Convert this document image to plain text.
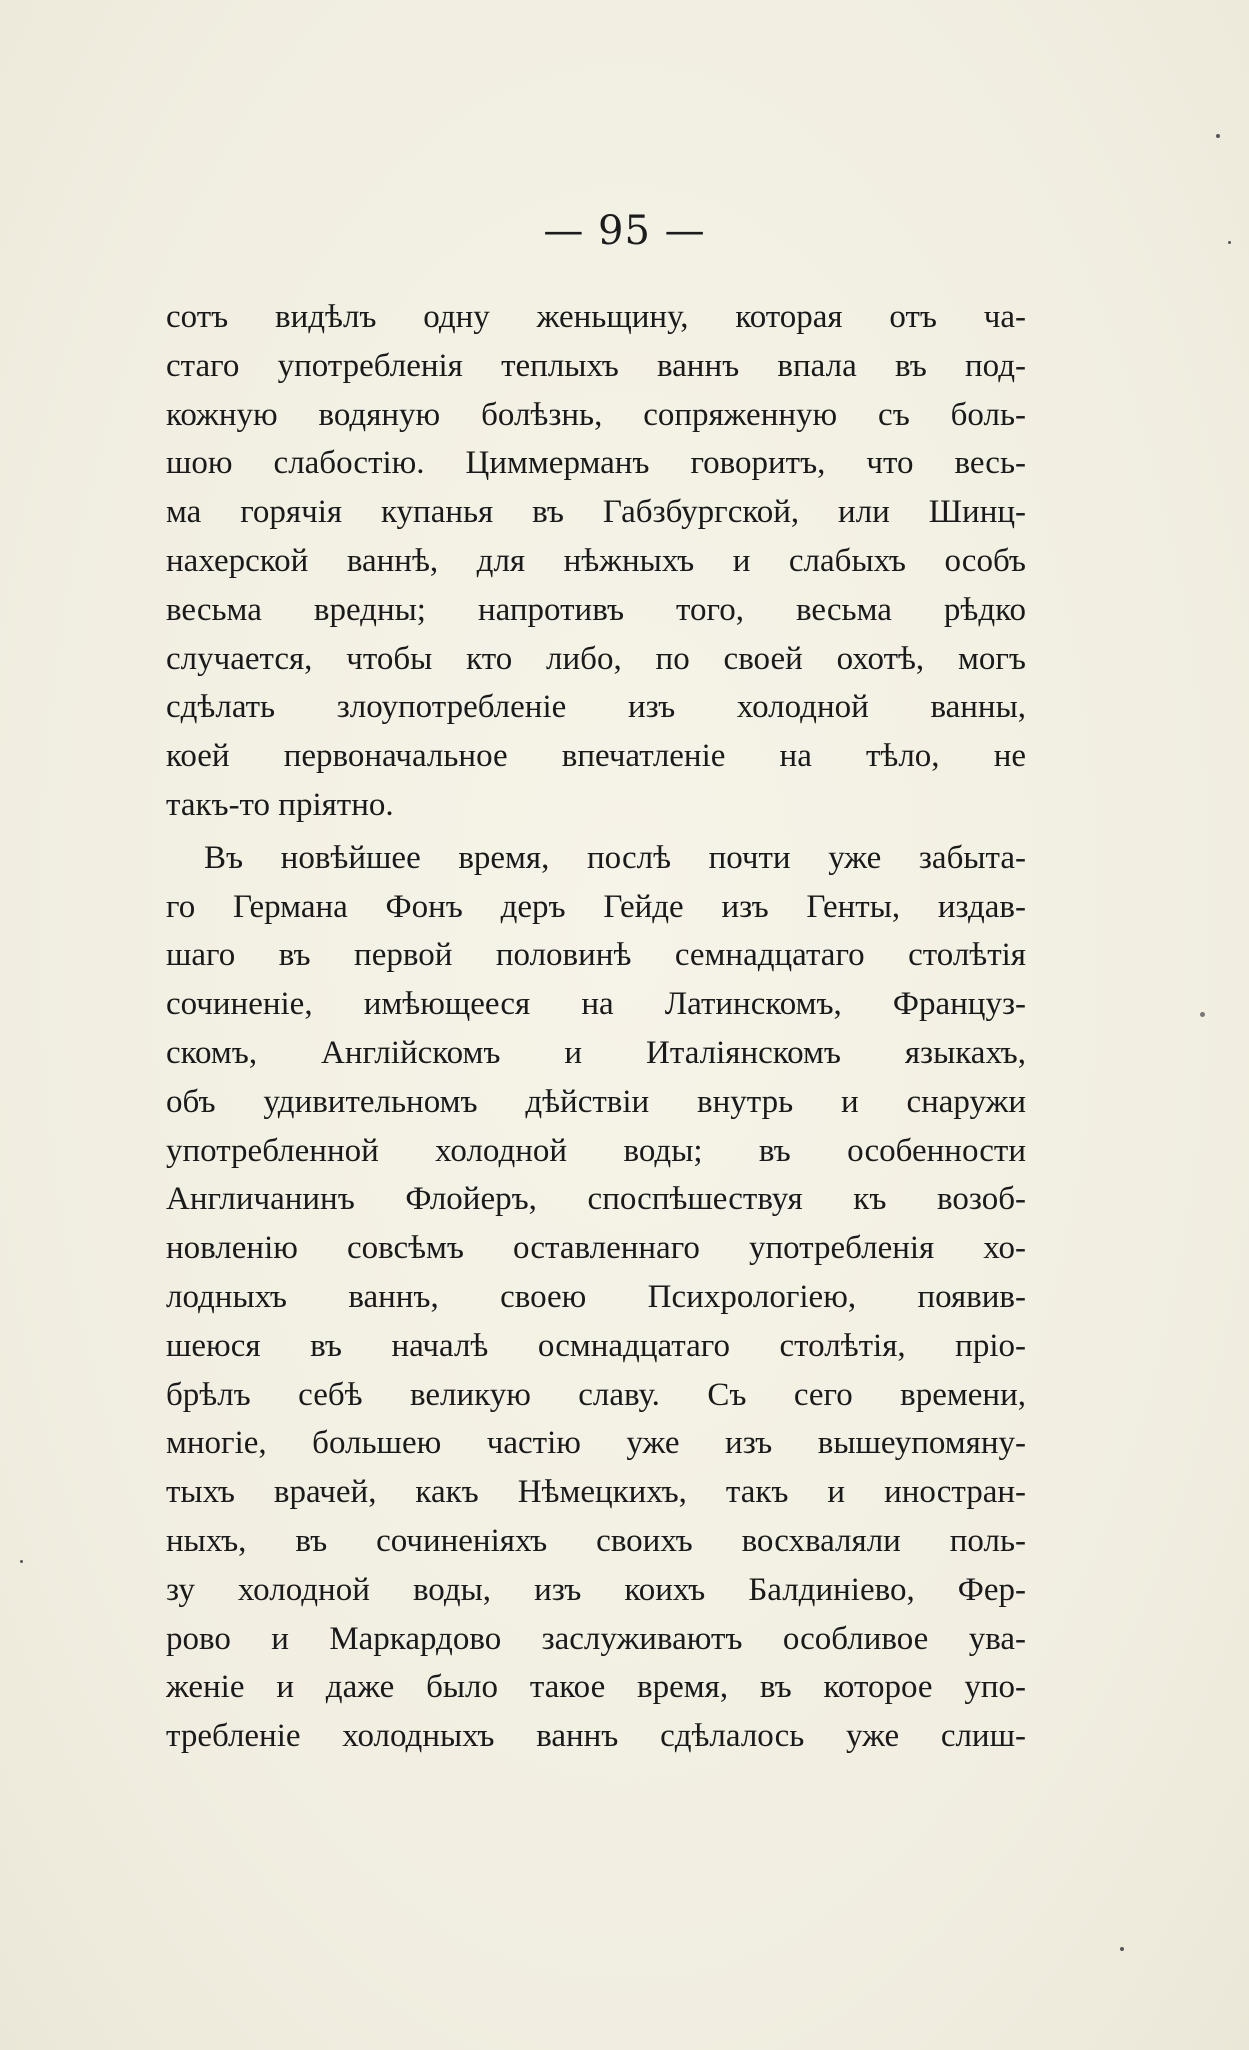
— 95 —
сотъ видѣлъ одну женьщину, которая отъ ча-
стаго употребленія теплыхъ ваннъ впала въ под-
кожную водяную болѣзнь, сопряженную съ боль-
шою слабостію. Циммерманъ говоритъ, что весь-
ма горячія купанья въ Габзбургской, или Шинц-
нахерской ваннѣ, для нѣжныхъ и слабыхъ особъ
весьма вредны; напротивъ того, весьма рѣдко
случается, чтобы кто либо, по своей охотѣ, могъ
сдѣлать злоупотребленіе изъ холодной ванны,
коей первоначальное впечатленіе на тѣло, не
такъ-то пріятно.
Въ новѣйшее время, послѣ почти уже забыта-
го Германа Фонъ деръ Гейде изъ Генты, издав-
шаго въ первой половинѣ семнадцатаго столѣтія
сочиненіе, имѣющееся на Латинскомъ, Француз-
скомъ, Англійскомъ и Италіянскомъ языкахъ,
объ удивительномъ дѣйствіи внутрь и снаружи
употребленной холодной воды; въ особенности
Англичанинъ Флойеръ, споспѣшествуя къ возоб-
новленію совсѣмъ оставленнаго употребленія хо-
лодныхъ ваннъ, своею Психрологіею, появив-
шеюся въ началѣ осмнадцатаго столѣтія, пріо-
брѣлъ себѣ великую славу. Съ сего времени,
многіе, большею частію уже изъ вышеупомяну-
тыхъ врачей, какъ Нѣмецкихъ, такъ и иностран-
ныхъ, въ сочиненіяхъ своихъ восхваляли поль-
зу холодной воды, изъ коихъ Балдиніево, Фер-
рово и Маркардово заслуживаютъ особливое ува-
женіе и даже было такое время, въ которое упо-
требленіе холодныхъ ваннъ сдѣлалось уже слиш-
